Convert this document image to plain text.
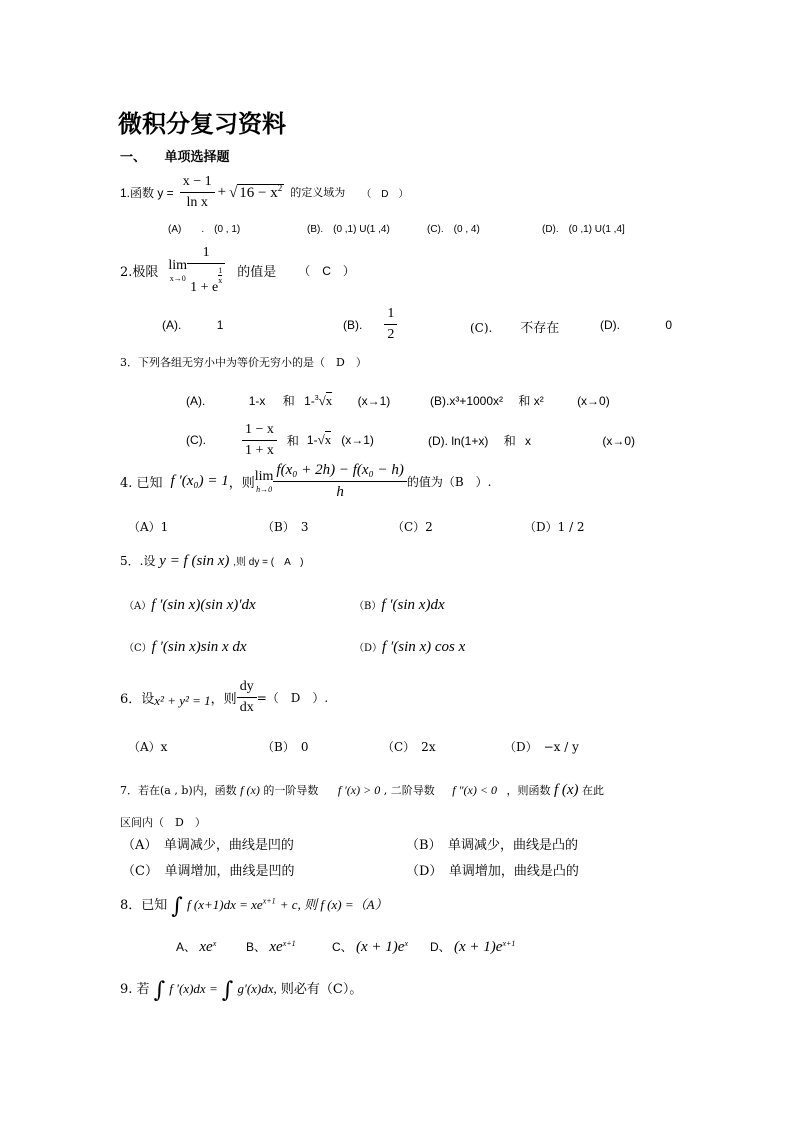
微积分复习资料
一、 单项选择题
1.函数 $y = \frac{x - 1}{\text{ln x}}$ + √ $16 - x^2$ 的定义域为 （　D　）
(A)　　.　(0 , 1)	(B).　(0 ,1) U(1 ,4)	(C).　(0 , 4)	(D).　(0 ,1) U(1 ,4]
2.极限 lim
x→0 1
1 + e
$\frac{1}{x}$ 的值是 （　C　）
(A).	1	(B). $\frac{1}{2}$	(C). 不存在	(D).	0
3．下列各组无穷小中为等价无穷小的是（　D　）
(A).	1-x 和 1-$^3$√x (x→1)	(B).x³+1000x² 和 x²	(x→0)
(C).	$\frac{1 - x}{1 + x}$ 和 1- √x (x→1)	(D). ln(1+x) 和 x	(x→0)
4. 已知 f ′(x₀) = 1 ，则 lim
$h\to 0 \frac{\text{f(x₀ + 2h) − f(x₀ − h)}}{h}$ 的值为（B　）.
（A）1	（B）　3	（C）2	（D）1 / 2
5．.设 y = f (sin x) ,则 dy = (　A　)
（A）f ′(sin x)(sin x)′dx	（B）f ′(sin x)dx
（C）f ′(sin x)sin x dx	（D）f ′(sin x) cos x
6．设 x² + y² = 1 ，则 $\frac{dy}{dx}$ =（　D　）.
（A）x	（B）　0	（C）　2x	（D）　−x / y
7．若在(a , b)内，函数 f (x) 的一阶导数 f ′(x) > 0 , 二阶导数 f ″(x) < 0 ，则函数 f (x) 在此
区间内（　D　）
（A）　单调减少，曲线是凹的	（B）　单调减少，曲线是凸的
（C）　单调增加，曲线是凹的	（D）　单调增加，曲线是凸的
8．已知 ∫ f $(x+1)dx = xe^{x+1} + c$, 则 f (x) =（A）
A、 $xe^x$ B、 $xe^{x+1}$	C、 $(x + 1)e^x$ D、 $(x + 1)e^{x+1}$
9. 若 ∫ f ′(x)dx = ∫ g′(x)dx, 则必有（C）。
